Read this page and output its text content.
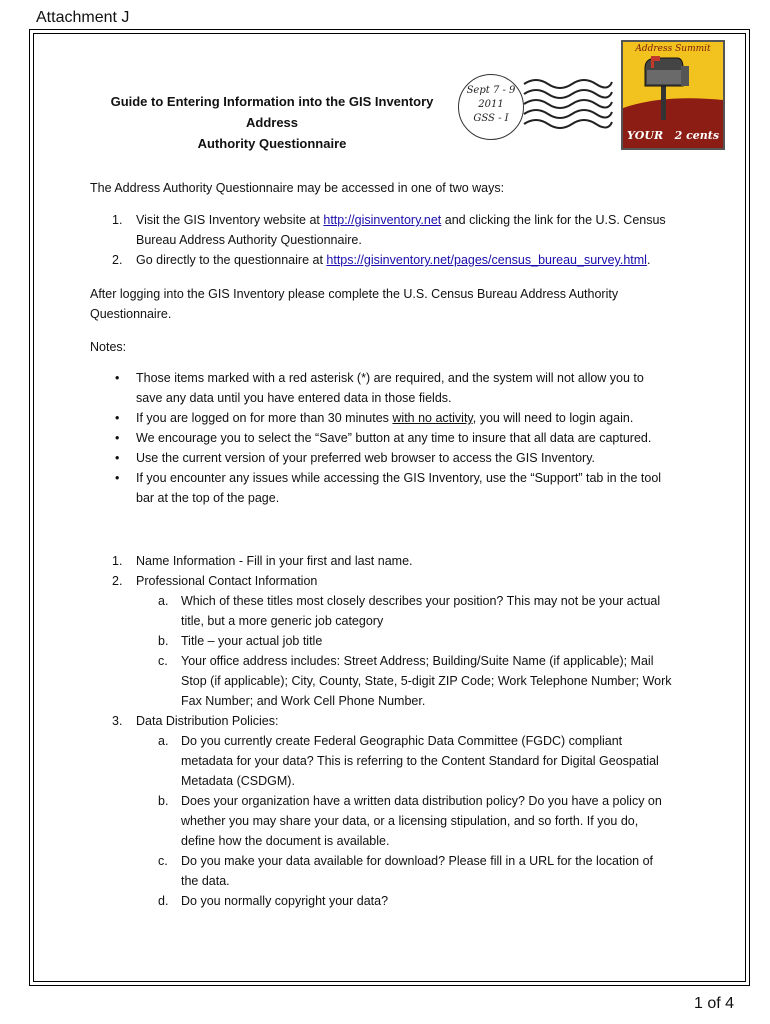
Attachment J
Guide to Entering Information into the GIS Inventory Address
Authority Questionnaire
Sept 7 - 9
2011
GSS - I
Address Summit
YOUR   2 cents
The Address Authority Questionnaire may be accessed in one of two ways:
1. Visit the GIS Inventory website at http://gisinventory.net and clicking the link for the U.S. Census
Bureau Address Authority Questionnaire.
2. Go directly to the questionnaire at https://gisinventory.net/pages/census_bureau_survey.html.
After logging into the GIS Inventory please complete the U.S. Census Bureau Address Authority
Questionnaire.
Notes:
• Those items marked with a red asterisk (*) are required, and the system will not allow you to
save any data until you have entered data in those fields.
• If you are logged on for more than 30 minutes with no activity, you will need to login again.
• We encourage you to select the “Save” button at any time to insure that all data are captured.
• Use the current version of your preferred web browser to access the GIS Inventory.
• If you encounter any issues while accessing the GIS Inventory, use the “Support” tab in the tool
bar at the top of the page.
1. Name Information - Fill in your first and last name.
2. Professional Contact Information
a. Which of these titles most closely describes your position? This may not be your actual
title, but a more generic job category
b. Title – your actual job title
c. Your office address includes: Street Address; Building/Suite Name (if applicable); Mail
Stop (if applicable); City, County, State, 5-digit ZIP Code; Work Telephone Number; Work
Fax Number; and Work Cell Phone Number.
3. Data Distribution Policies:
a. Do you currently create Federal Geographic Data Committee (FGDC) compliant
metadata for your data? This is referring to the Content Standard for Digital Geospatial
Metadata (CSDGM).
b. Does your organization have a written data distribution policy? Do you have a policy on
whether you may share your data, or a licensing stipulation, and so forth. If you do,
define how the document is available.
c. Do you make your data available for download? Please fill in a URL for the location of
the data.
d. Do you normally copyright your data?
1 of 4
